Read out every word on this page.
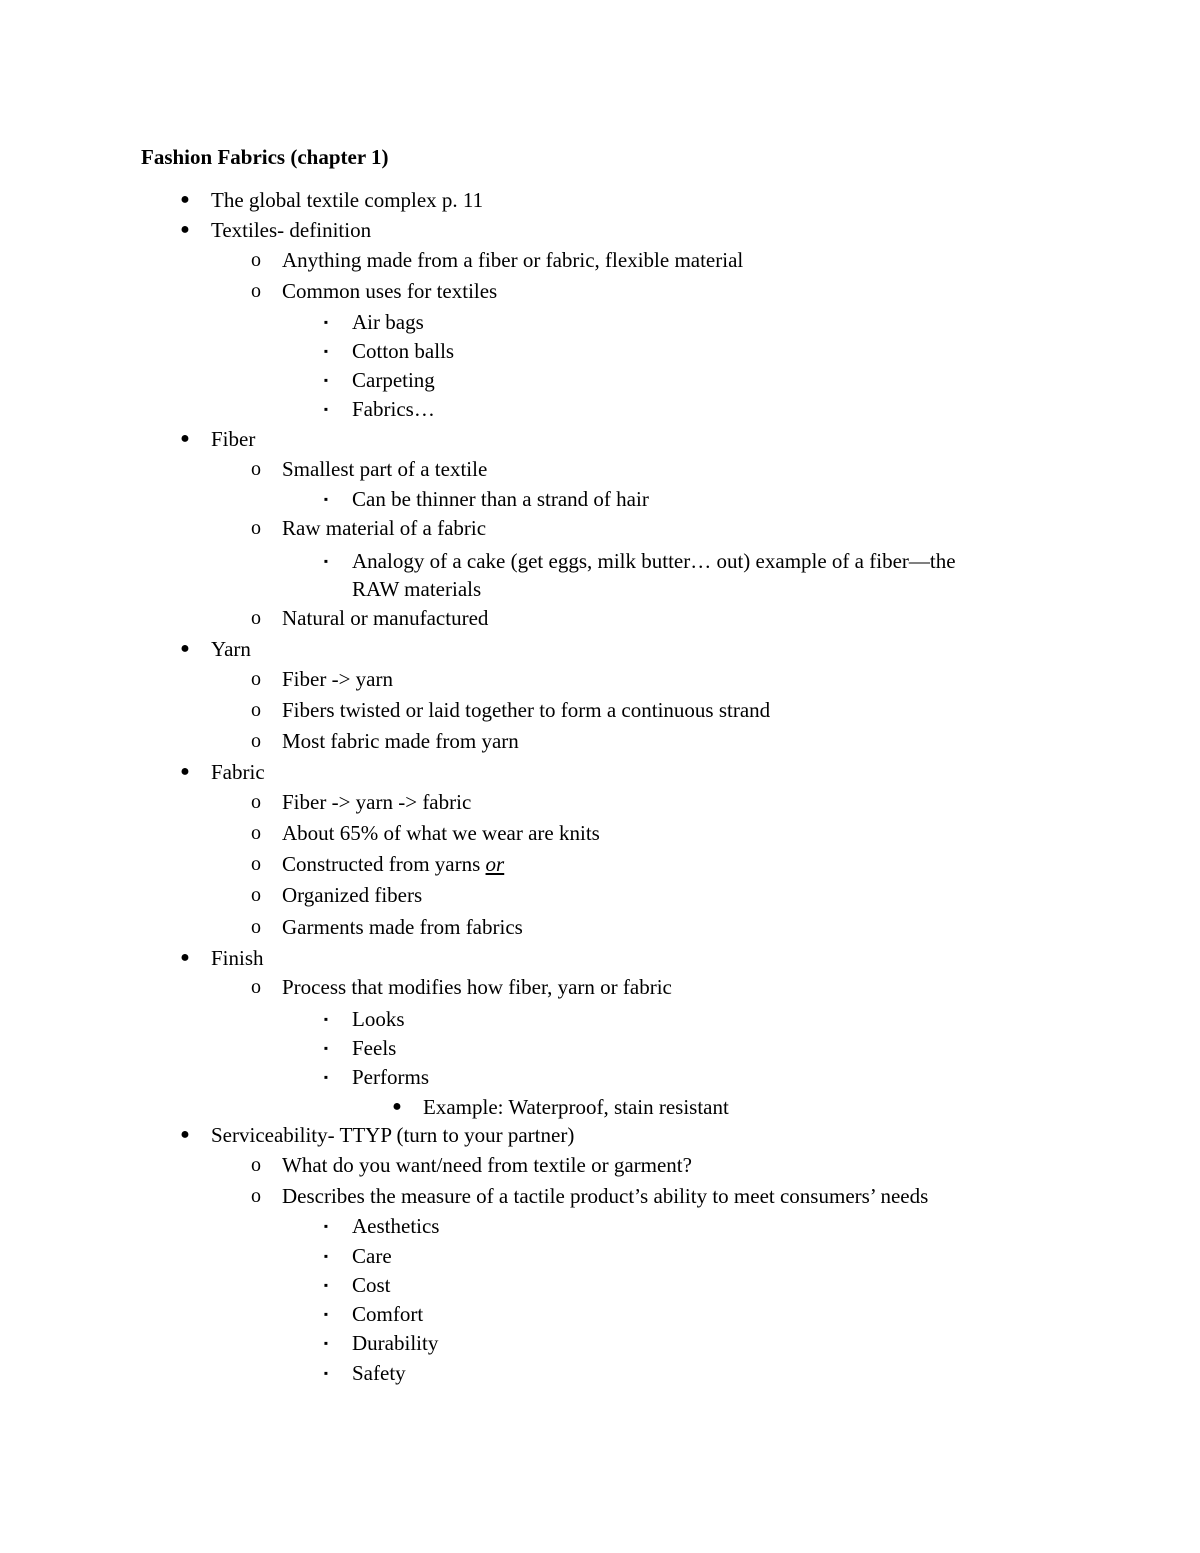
Fashion Fabrics (chapter 1)
●	The global textile complex p. 11
●	Textiles- definition
o	Anything made from a fiber or fabric, flexible material
o	Common uses for textiles
▪	Air bags
▪	Cotton balls
▪	Carpeting
▪	Fabrics…
●	Fiber
o	Smallest part of a textile
▪	Can be thinner than a strand of hair
o	Raw material of a fabric
▪	Analogy of a cake (get eggs, milk butter… out) example of a fiber—the
RAW materials
o	Natural or manufactured
●	Yarn
o	Fiber -> yarn
o	Fibers twisted or laid together to form a continuous strand
o	Most fabric made from yarn
●	Fabric
o	Fiber -> yarn -> fabric
o	About 65% of what we wear are knits
o	Constructed from yarns or
o	Organized fibers
o	Garments made from fabrics
●	Finish
o	Process that modifies how fiber, yarn or fabric
▪	Looks
▪	Feels
▪	Performs
●	Example: Waterproof, stain resistant
●	Serviceability- TTYP (turn to your partner)
o	What do you want/need from textile or garment?
o	Describes the measure of a tactile product’s ability to meet consumers’ needs
▪	Aesthetics
▪	Care
▪	Cost
▪	Comfort
▪	Durability
▪	Safety
